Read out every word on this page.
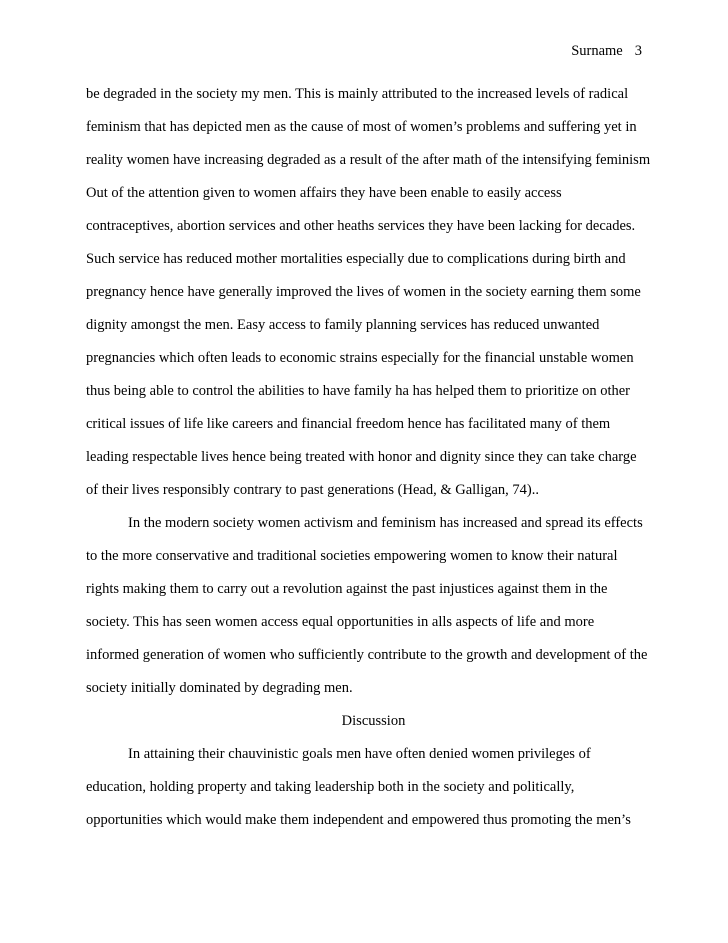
Surname 3
be degraded in the society my men. This is mainly attributed to the increased levels of radical
feminism that has depicted men as the cause of most of women’s problems and suffering yet in
reality women have increasing degraded as a result of the after math of the intensifying feminism
Out of the attention given to women affairs they have been enable to easily access
contraceptives, abortion services and other heaths services they have been lacking for decades.
Such service has reduced mother mortalities especially due to complications during birth and
pregnancy hence have generally improved the lives of women in the society earning them some
dignity amongst the men. Easy access to family planning services has reduced unwanted
pregnancies which often leads to economic strains especially for the financial unstable women
thus being able to control the abilities to have family ha has helped them to prioritize on other
critical issues of life like careers and financial freedom hence has facilitated many of them
leading respectable lives hence being treated with honor and dignity since they can take charge
of their lives responsibly contrary to past generations (Head, & Galligan, 74)..
In the modern society women activism and feminism has increased and spread its effects
to the more conservative and traditional societies empowering women to know their natural
rights making them to carry out a revolution against the past injustices against them in the
society. This has seen women access equal opportunities in alls aspects of life and more
informed generation of women who sufficiently contribute to the growth and development of the
society initially dominated by degrading men.
Discussion
In attaining their chauvinistic goals men have often denied women privileges of
education, holding property and taking leadership both in the society and politically,
opportunities which would make them independent and empowered thus promoting the men’s
